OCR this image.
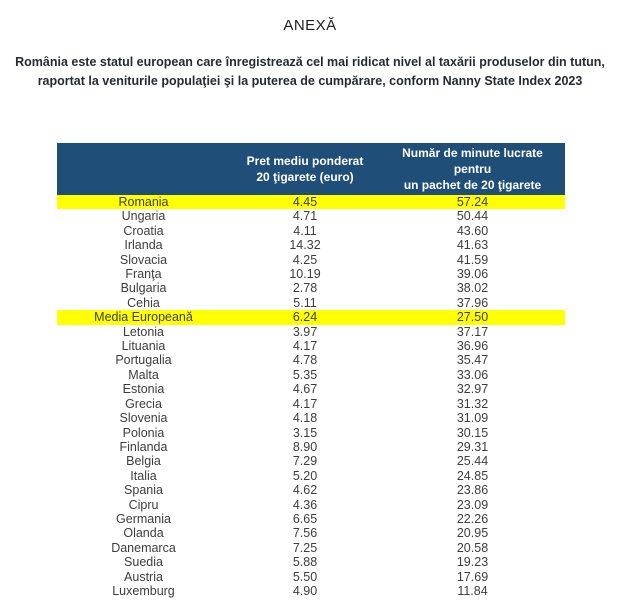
ANEXĂ
România este statul european care înregistrează cel mai ridicat nivel al taxării produselor din tutun,
raportat la veniturile populaţiei şi la puterea de cumpărare, conform Nanny State Index 2023

	Pret mediu ponderat
20 ţigarete (euro)	Număr de minute lucrate pentru
un pachet de 20 ţigarete

Romania	4.45	57.24
Ungaria	4.71	50.44
Croatia	4.11	43.60
Irlanda	14.32	41.63
Slovacia	4.25	41.59
Franţa	10.19	39.06
Bulgaria	2.78	38.02
Cehia	5.11	37.96
Media Europeană	6.24	27.50
Letonia	3.97	37.17
Lituania	4.17	36.96
Portugalia	4.78	35.47
Malta	5.35	33.06
Estonia	4.67	32.97
Grecia	4.17	31.32
Slovenia	4.18	31.09
Polonia	3.15	30.15
Finlanda	8.90	29.31
Belgia	7.29	25.44
Italia	5.20	24.85
Spania	4.62	23.86
Cipru	4.36	23.09
Germania	6.65	22.26
Olanda	7.56	20.95
Danemarca	7.25	20.58
Suedia	5.88	19.23
Austria	5.50	17.69
Luxemburg	4.90	11.84
